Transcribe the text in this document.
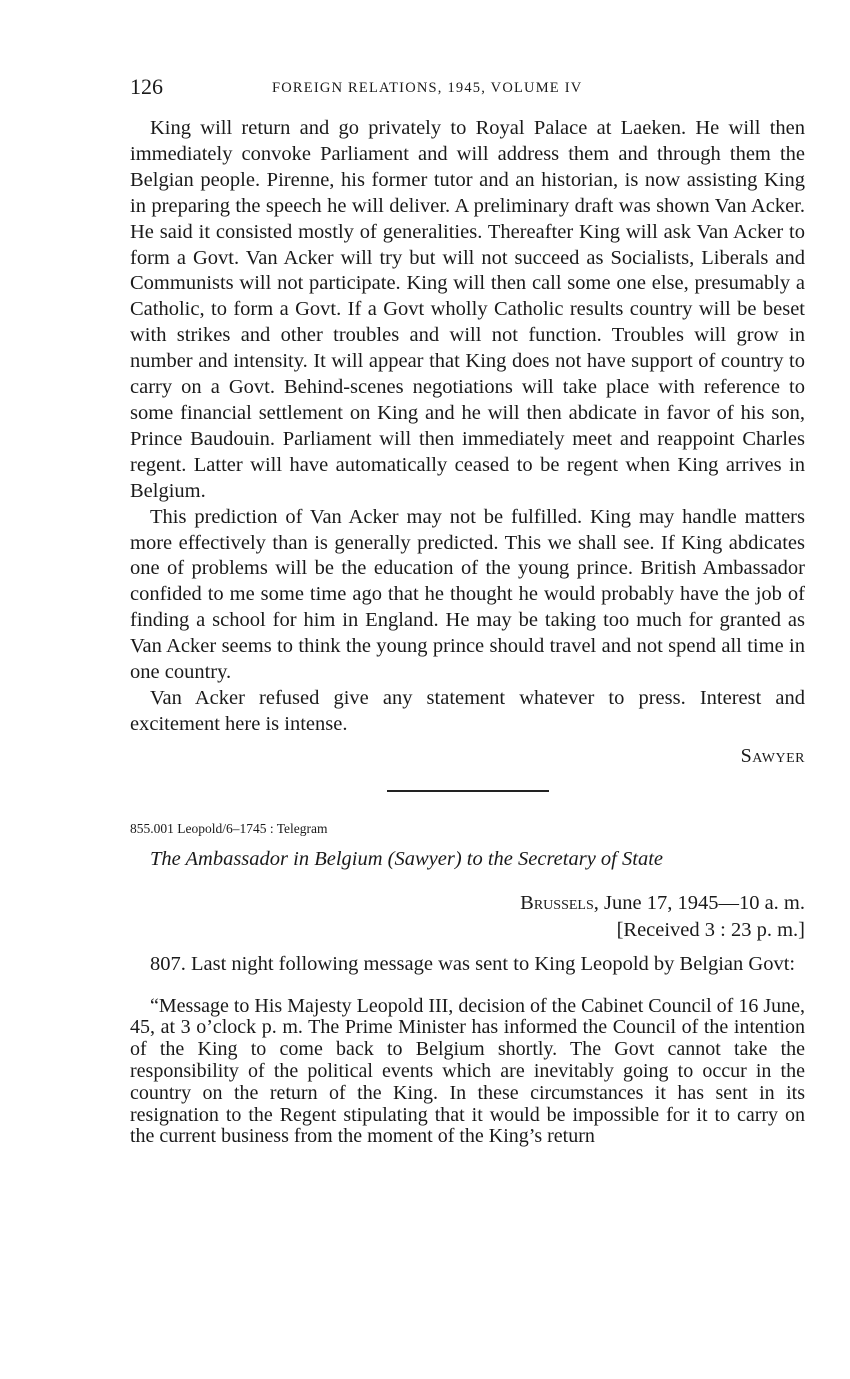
126	FOREIGN RELATIONS, 1945, VOLUME IV

King will return and go privately to Royal Palace at Laeken. He will then immediately convoke Parliament and will address them and through them the Belgian people. Pirenne, his former tutor and an historian, is now assisting King in preparing the speech he will deliver. A preliminary draft was shown Van Acker. He said it consisted mostly of generalities. Thereafter King will ask Van Acker to form a Govt. Van Acker will try but will not succeed as Socialists, Liberals and Communists will not participate. King will then call some one else, presumably a Catholic, to form a Govt. If a Govt wholly Catholic results country will be beset with strikes and other troubles and will not function. Troubles will grow in number and intensity. It will appear that King does not have support of country to carry on a Govt. Behind-scenes negotiations will take place with reference to some financial settlement on King and he will then abdicate in favor of his son, Prince Baudouin. Parliament will then immediately meet and reappoint Charles regent. Latter will have automatically ceased to be regent when King arrives in Belgium.

This prediction of Van Acker may not be fulfilled. King may handle matters more effectively than is generally predicted. This we shall see. If King abdicates one of problems will be the education of the young prince. British Ambassador confided to me some time ago that he thought he would probably have the job of finding a school for him in England. He may be taking too much for granted as Van Acker seems to think the young prince should travel and not spend all time in one country.

Van Acker refused give any statement whatever to press. Interest and excitement here is intense.

Sawyer
855.001 Leopold/6–1745 : Telegram
The Ambassador in Belgium (Sawyer) to the Secretary of State
Brussels, June 17, 1945—10 a. m.
[Received 3 : 23 p. m.]

807. Last night following message was sent to King Leopold by Belgian Govt:

“Message to His Majesty Leopold III, decision of the Cabinet Council of 16 June, 45, at 3 o’clock p. m. The Prime Minister has informed the Council of the intention of the King to come back to Belgium shortly. The Govt cannot take the responsibility of the political events which are inevitably going to occur in the country on the return of the King. In these circumstances it has sent in its resignation to the Regent stipulating that it would be impossible for it to carry on the current business from the moment of the King’s return
